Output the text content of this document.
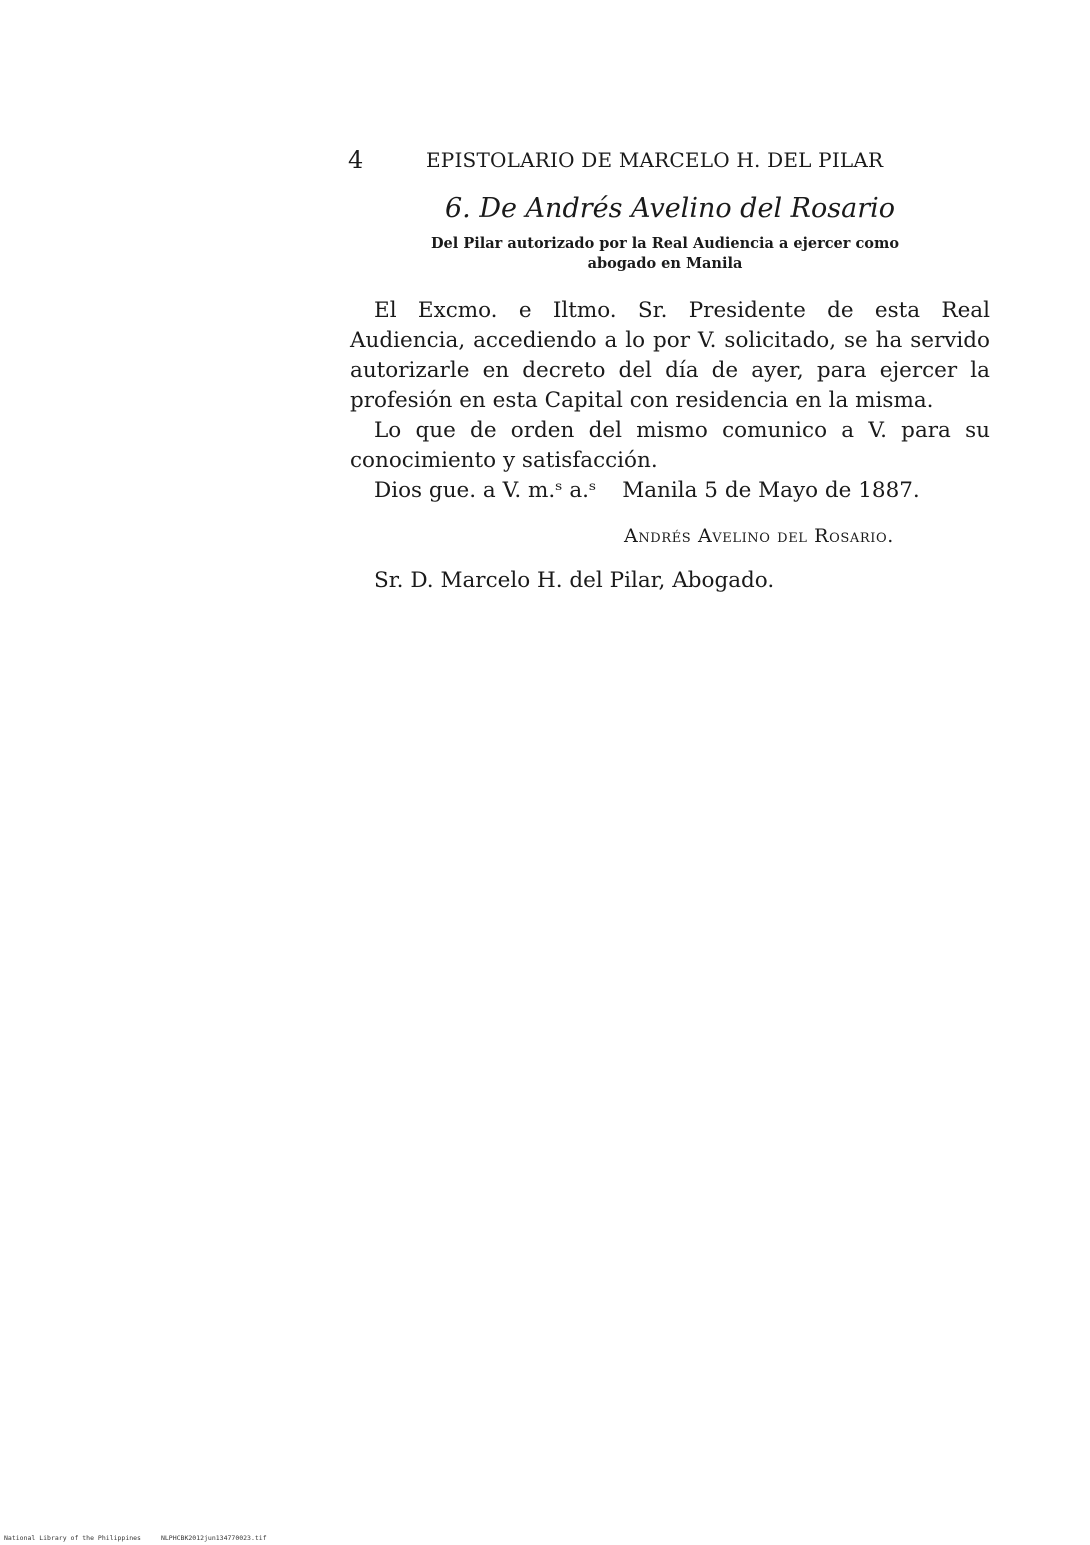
4	EPISTOLARIO DE MARCELO H. DEL PILAR
6. De Andrés Avelino del Rosario
Del Pilar autorizado por la Real Audiencia a ejercer como
abogado en Manila

El Excmo. e Iltmo. Sr. Presidente de esta Real Audiencia, accediendo a lo por V. solicitado, se ha servido autorizarle en decreto del día de ayer, para ejercer la profesión en esta Capital con residencia en la misma.

Lo que de orden del mismo comunico a V. para su conocimiento y satisfacción.

Dios gue. a V. m.ˢ a.ˢ Manila 5 de Mayo de 1887.
Andrés Avelino del Rosario.
Sr. D. Marcelo H. del Pilar, Abogado.
National Library of the Philippines	NLPHCBK2012jun134770023.tif
